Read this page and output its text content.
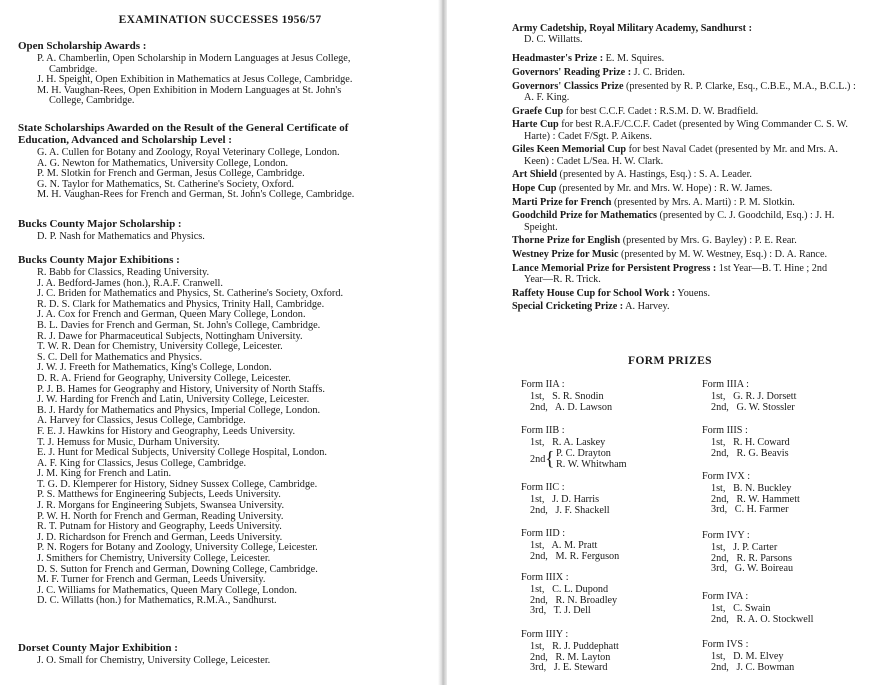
EXAMINATION SUCCESSES 1956/57

Open Scholarship Awards :

P. A. Chamberlin, Open Scholarship in Modern Languages at Jesus College,
Cambridge.
J. H. Speight, Open Exhibition in Mathematics at Jesus College, Cambridge.
M. H. Vaughan-Rees, Open Exhibition in Modern Languages at St. John's
College, Cambridge.

State Scholarships Awarded on the Result of the General Certificate of Education, Advanced and Scholarship Level :

G. A. Cullen for Botany and Zoology, Royal Veterinary College, London.
A. G. Newton for Mathematics, University College, London.
P. M. Slotkin for French and German, Jesus College, Cambridge.
G. N. Taylor for Mathematics, St. Catherine's Society, Oxford.
M. H. Vaughan-Rees for French and German, St. John's College, Cambridge.

Bucks County Major Scholarship :

D. P. Nash for Mathematics and Physics.

Bucks County Major Exhibitions :

R. Babb for Classics, Reading University.
J. A. Bedford-James (hon.), R.A.F. Cranwell.
J. C. Briden for Mathematics and Physics, St. Catherine's Society, Oxford.
R. D. S. Clark for Mathematics and Physics, Trinity Hall, Cambridge.
J. A. Cox for French and German, Queen Mary College, London.
B. L. Davies for French and German, St. John's College, Cambridge.
R. J. Dawe for Pharmaceutical Subjects, Nottingham University.
T. W. R. Dean for Chemistry, University College, Leicester.
S. C. Dell for Mathematics and Physics.
J. W. J. Freeth for Mathematics, King's College, London.
D. R. A. Friend for Geography, University College, Leicester.
P. J. B. Hames for Geography and History, University of North Staffs.
J. W. Harding for French and Latin, University College, Leicester.
B. J. Hardy for Mathematics and Physics, Imperial College, London.
A. Harvey for Classics, Jesus College, Cambridge.
F. E. J. Hawkins for History and Geography, Leeds University.
T. J. Hemuss for Music, Durham University.
E. J. Hunt for Medical Subjects, University College Hospital, London.
A. F. King for Classics, Jesus College, Cambridge.
J. M. King for French and Latin.
T. G. D. Klemperer for History, Sidney Sussex College, Cambridge.
P. S. Matthews for Engineering Subjects, Leeds University.
J. R. Morgans for Engineering Subjets, Swansea University.
P. W. H. North for French and German, Reading University.
R. T. Putnam for History and Geography, Leeds University.
J. D. Richardson for French and German, Leeds University.
P. N. Rogers for Botany and Zoology, University College, Leicester.
J. Smithers for Chemistry, University College, Leicester.
D. S. Sutton for French and German, Downing College, Cambridge.
M. F. Turner for French and German, Leeds University.
J. C. Williams for Mathematics, Queen Mary College, London.
D. C. Willatts (hon.) for Mathematics, R.M.A., Sandhurst.

Dorset County Major Exhibition :

J. O. Small for Chemistry, University College, Leicester.
Army Cadetship, Royal Military Academy, Sandhurst :
D. C. Willatts.
Headmaster's Prize : E. M. Squires.
Governors' Reading Prize : J. C. Briden.
Governors' Classics Prize (presented by R. P. Clarke, Esq., C.B.E., M.A., B.C.L.) :
A. F. King.
Graefe Cup for best C.C.F. Cadet : R.S.M. D. W. Bradfield.
Harte Cup for best R.A.F./C.C.F. Cadet (presented by Wing Commander C. S. W.
Harte) : Cadet F/Sgt. P. Aikens.
Giles Keen Memorial Cup for best Naval Cadet (presented by Mr. and Mrs. A.
Keen) : Cadet L/Sea. H. W. Clark.
Art Shield (presented by A. Hastings, Esq.) : S. A. Leader.
Hope Cup (presented by Mr. and Mrs. W. Hope) : R. W. James.
Marti Prize for French (presented by Mrs. A. Marti) : P. M. Slotkin.
Goodchild Prize for Mathematics (presented by C. J. Goodchild, Esq.) : J. H.
Speight.
Thorne Prize for English (presented by Mrs. G. Bayley) : P. E. Rear.
Westney Prize for Music (presented by M. W. Westney, Esq.) : D. A. Rance.
Lance Memorial Prize for Persistent Progress : 1st Year—B. T. Hine ; 2nd
Year—R. R. Trick.
Raffety House Cup for School Work : Youens.
Special Cricketing Prize : A. Harvey.
FORM PRIZES
Form IIA :
1st,   S. R. Snodin
2nd,   A. D. Lawson
Form IIB :
1st,   R. A. Laskey
2nd { P. C. Drayton
R. W. Whitwham
Form IIC :
1st,   J. D. Harris
2nd,   J. F. Shackell
Form IID :
1st,   A. M. Pratt
2nd,   M. R. Ferguson
Form IIIX :
1st,   C. L. Dupond
2nd,   R. N. Broadley
3rd,   T. J. Dell
Form IIIY :
1st,   R. J. Puddephatt
2nd,   R. M. Layton
3rd,   J. E. Steward
Form IIIA :
1st,   G. R. J. Dorsett
2nd,   G. W. Stossler
Form IIIS :
1st,   R. H. Coward
2nd,   R. G. Beavis
Form IVX :
1st,   B. N. Buckley
2nd,   R. W. Hammett
3rd,   C. H. Farmer
Form IVY :
1st,   J. P. Carter
2nd,   R. R. Parsons
3rd,   G. W. Boireau
Form IVA :
1st,   C. Swain
2nd,   R. A. O. Stockwell
Form IVS :
1st,   D. M. Elvey
2nd,   J. C. Bowman
